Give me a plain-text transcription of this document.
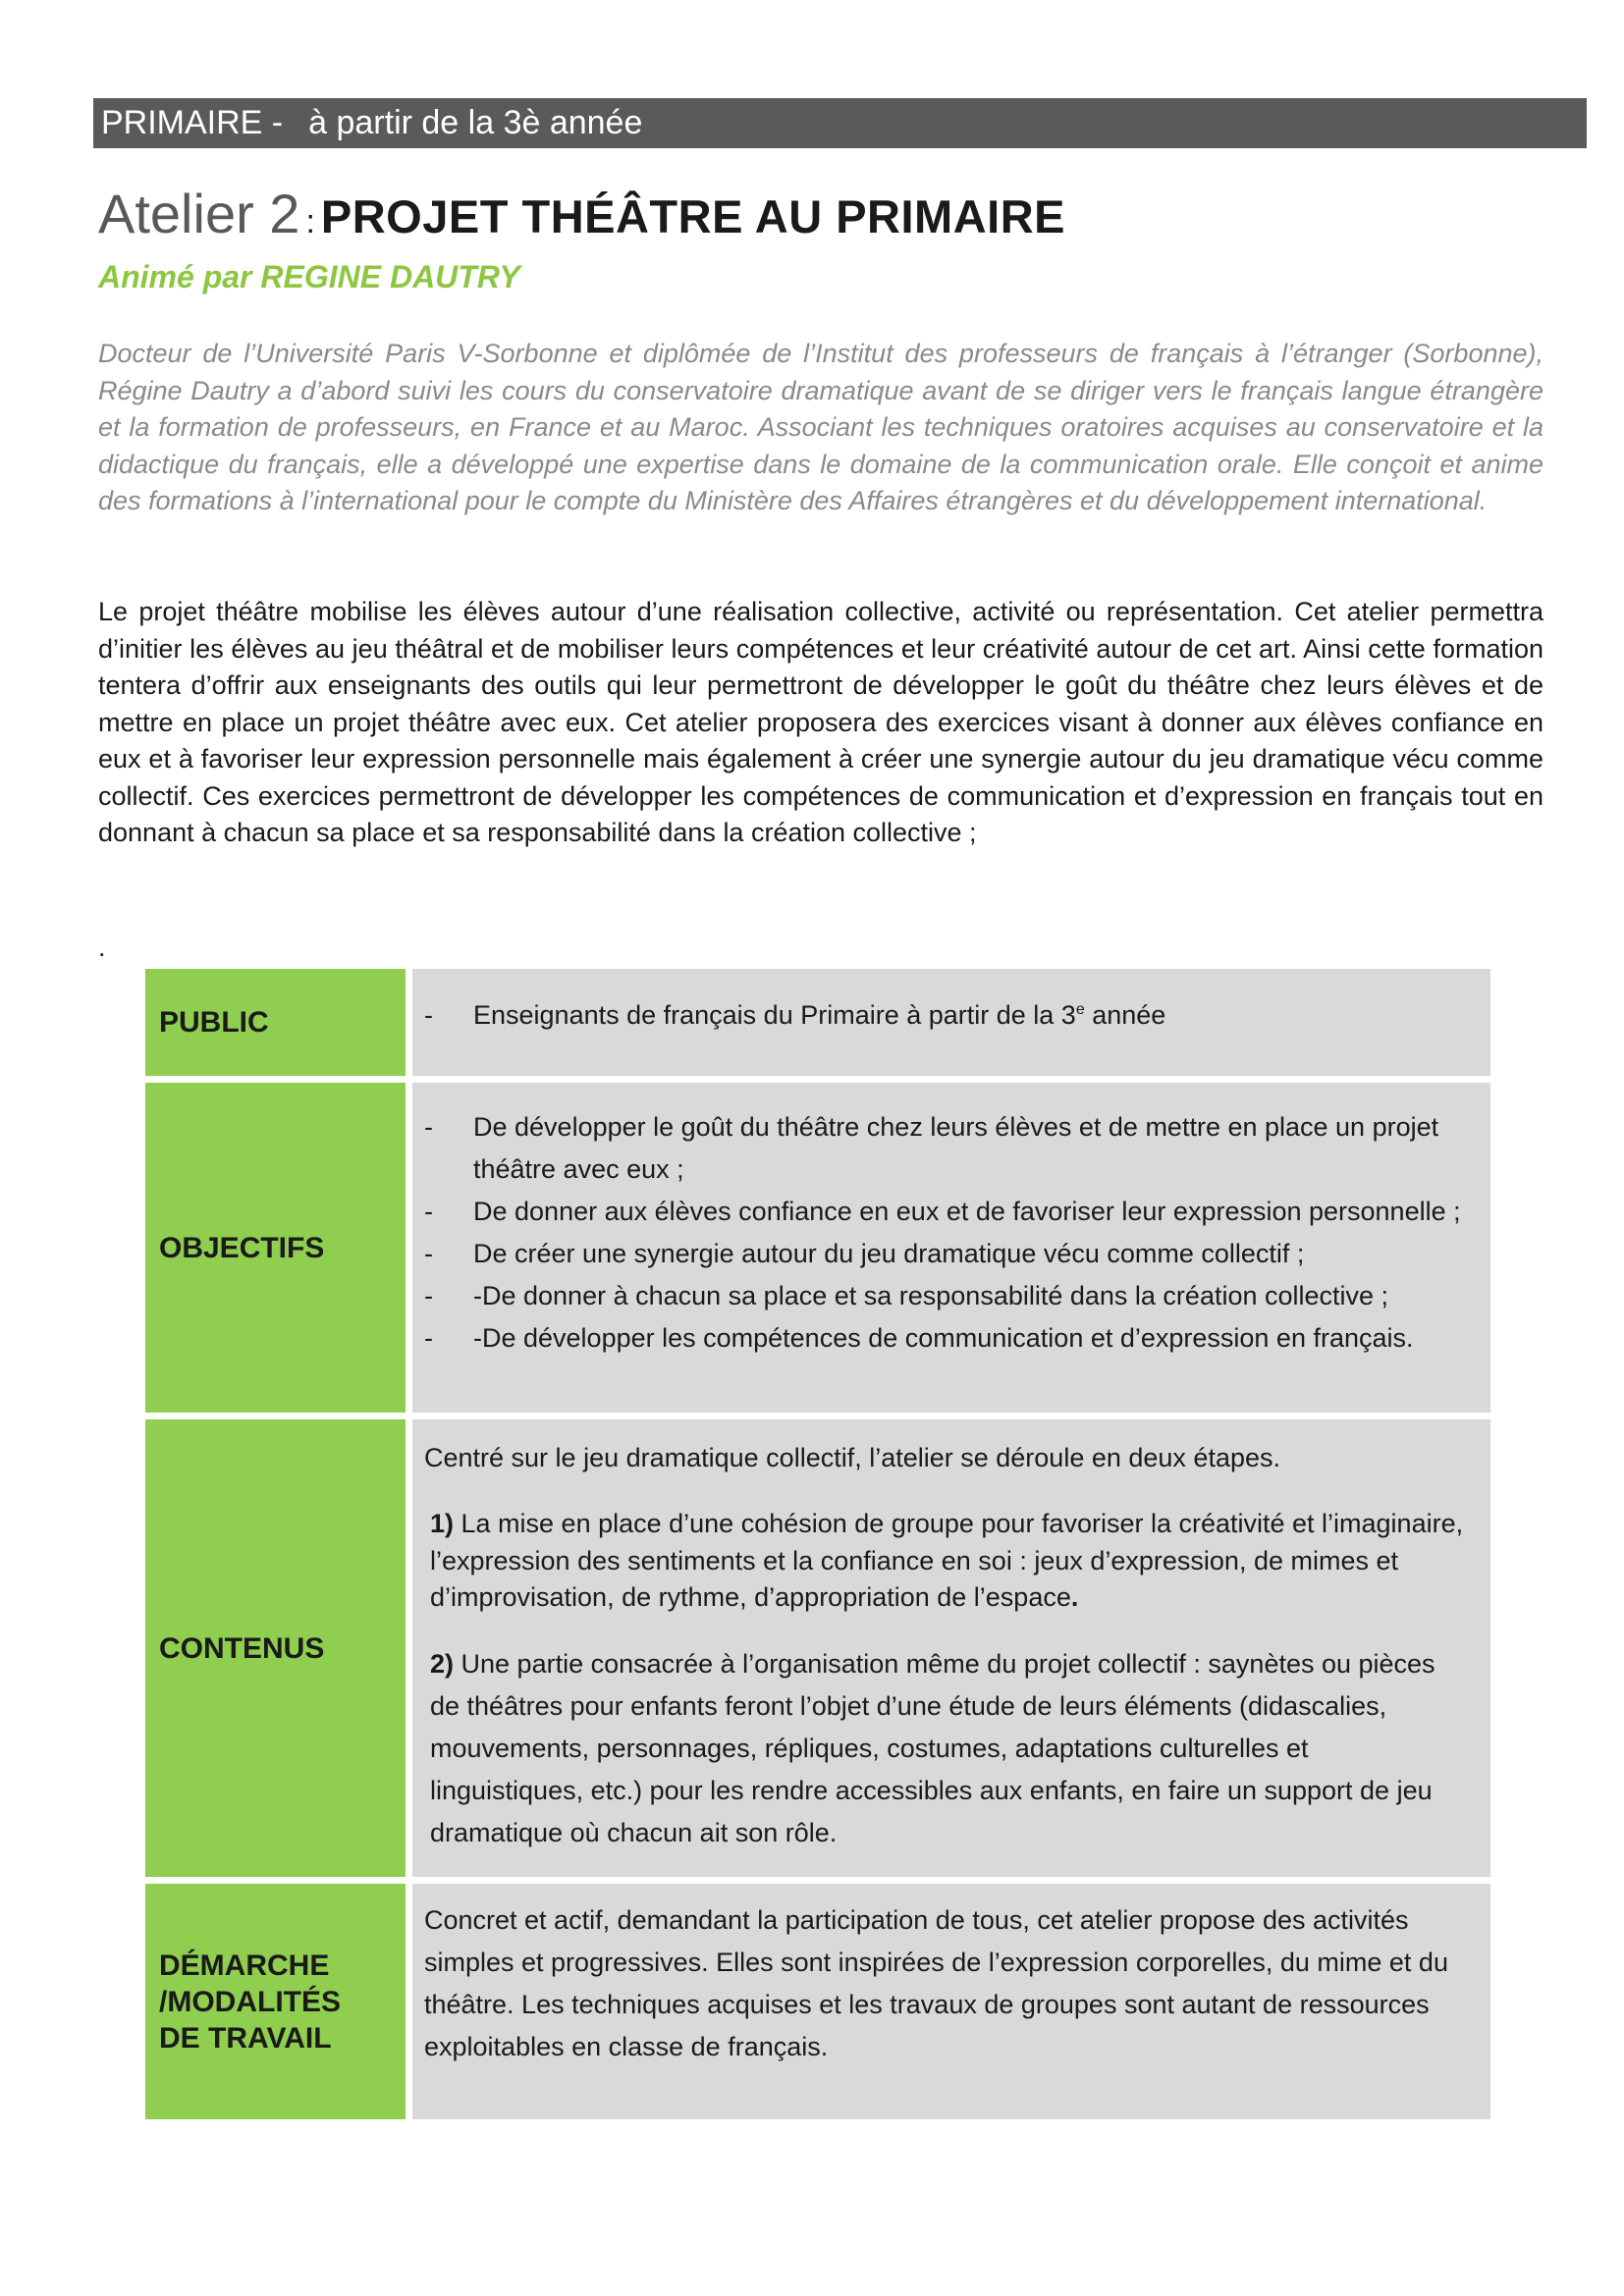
PRIMAIRE - à partir de la 3è année
Atelier 2 : PROJET THÉÂTRE AU PRIMAIRE
Animé par REGINE DAUTRY

Docteur de l’Université Paris V-Sorbonne et diplômée de l’Institut des professeurs de français à l’étranger (Sorbonne), Régine Dautry a d’abord suivi les cours du conservatoire dramatique avant de se diriger vers le français langue étrangère et la formation de professeurs, en France et au Maroc. Associant les techniques oratoires acquises au conservatoire et la didactique du français, elle a développé une expertise dans le domaine de la communication orale. Elle conçoit et anime des formations à l’international pour le compte du Ministère des Affaires étrangères et du développement international.

Le projet théâtre mobilise les élèves autour d’une réalisation collective, activité ou représentation. Cet atelier permettra d’initier les élèves au jeu théâtral et de mobiliser leurs compétences et leur créativité autour de cet art. Ainsi cette formation tentera d’offrir aux enseignants des outils qui leur permettront de développer le goût du théâtre chez leurs élèves et de mettre en place un projet théâtre avec eux. Cet atelier proposera des exercices visant à donner aux élèves confiance en eux et à favoriser leur expression personnelle mais également à créer une synergie autour du jeu dramatique vécu comme collectif. Ces exercices permettront de développer les compétences de communication et d’expression en français tout en donnant à chacun sa place et sa responsabilité dans la création collective ;

.
PUBLIC
-	Enseignants de français du Primaire à partir de la 3e année
OBJECTIFS
- De développer le goût du théâtre chez leurs élèves et de mettre en place un projet théâtre avec eux ;
- De donner aux élèves confiance en eux et de favoriser leur expression personnelle ;
- De créer une synergie autour du jeu dramatique vécu comme collectif ;
- -De donner à chacun sa place et sa responsabilité dans la création collective ;
- -De développer les compétences de communication et d’expression en français.
CONTENUS

Centré sur le jeu dramatique collectif, l’atelier se déroule en deux étapes.

1) La mise en place d’une cohésion de groupe pour favoriser la créativité et l’imaginaire, l’expression des sentiments et la confiance en soi : jeux d’expression, de mimes et d’improvisation, de rythme, d’appropriation de l’espace.

2) Une partie consacrée à l’organisation même du projet collectif : saynètes ou pièces de théâtres pour enfants feront l’objet d’une étude de leurs éléments (didascalies, mouvements, personnages, répliques, costumes, adaptations culturelles et linguistiques, etc.) pour les rendre accessibles aux enfants, en faire un support de jeu dramatique où chacun ait son rôle.

DÉMARCHE
/MODALITÉS
DE TRAVAIL

Concret et actif, demandant la participation de tous, cet atelier propose des activités simples et progressives. Elles sont inspirées de l’expression corporelles, du mime et du théâtre. Les techniques acquises et les travaux de groupes sont autant de ressources exploitables en classe de français.
